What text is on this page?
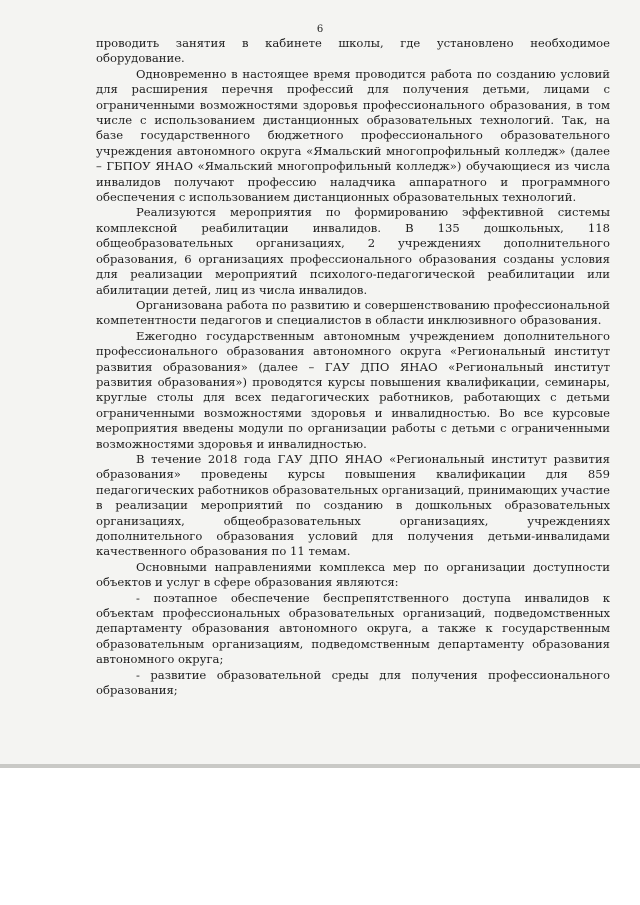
6

проводить занятия в кабинете школы, где установлено необходимое оборудование.

Одновременно в настоящее время проводится работа по созданию условий для расширения перечня профессий для получения детьми, лицами с ограниченными возможностями здоровья профессионального образования, в том числе с использованием дистанционных образовательных технологий. Так, на базе государственного бюджетного профессионального образовательного учреждения автономного округа «Ямальский многопрофильный колледж» (далее – ГБПОУ ЯНАО «Ямальский многопрофильный колледж») обучающиеся из числа инвалидов получают профессию наладчика аппаратного и программного обеспечения с использованием дистанционных образовательных технологий.

Реализуются мероприятия по формированию эффективной системы комплексной реабилитации инвалидов. В 135 дошкольных, 118 общеобразовательных организациях, 2 учреждениях дополнительного образования, 6 организациях профессионального образования созданы условия для реализации мероприятий психолого-педагогической реабилитации или абилитации детей, лиц из числа инвалидов.

Организована работа по развитию и совершенствованию профессиональной компетентности педагогов и специалистов в области инклюзивного образования.

Ежегодно государственным автономным учреждением дополнительного профессионального образования автономного округа «Региональный институт развития образования» (далее – ГАУ ДПО ЯНАО «Региональный институт развития образования») проводятся курсы повышения квалификации, семинары, круглые столы для всех педагогических работников, работающих с детьми ограниченными возможностями здоровья и инвалидностью. Во все курсовые мероприятия введены модули по организации работы с детьми с ограниченными возможностями здоровья и инвалидностью.

В течение 2018 года ГАУ ДПО ЯНАО «Региональный институт развития образования» проведены курсы повышения квалификации для 859 педагогических работников образовательных организаций, принимающих участие в реализации мероприятий по созданию в дошкольных образовательных организациях, общеобразовательных организациях, учреждениях дополнительного образования условий для получения детьми-инвалидами качественного образования по 11 темам.

Основными направлениями комплекса мер по организации доступности объектов и услуг в сфере образования являются:

- поэтапное обеспечение беспрепятственного доступа инвалидов к объектам профессиональных образовательных организаций, подведомственных департаменту образования автономного округа, а также к государственным образовательным организациям, подведомственным департаменту образования автономного округа;

- развитие образовательной среды для получения профессионального образования;
